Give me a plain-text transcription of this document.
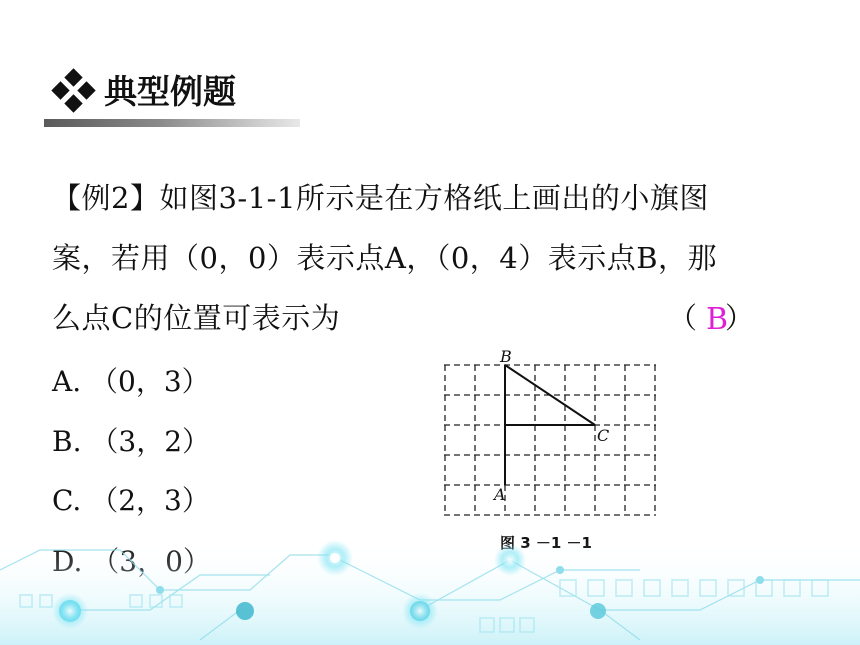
典型例题
【例2】如图3-1-1所示是在方格纸上画出的小旗图
案，若用（0，0）表示点A，（0，4）表示点B，那
么点C的位置可表示为	（ ）
B
A. （0，3）
B. （3，2）
C. （2，3）
B
C
A
